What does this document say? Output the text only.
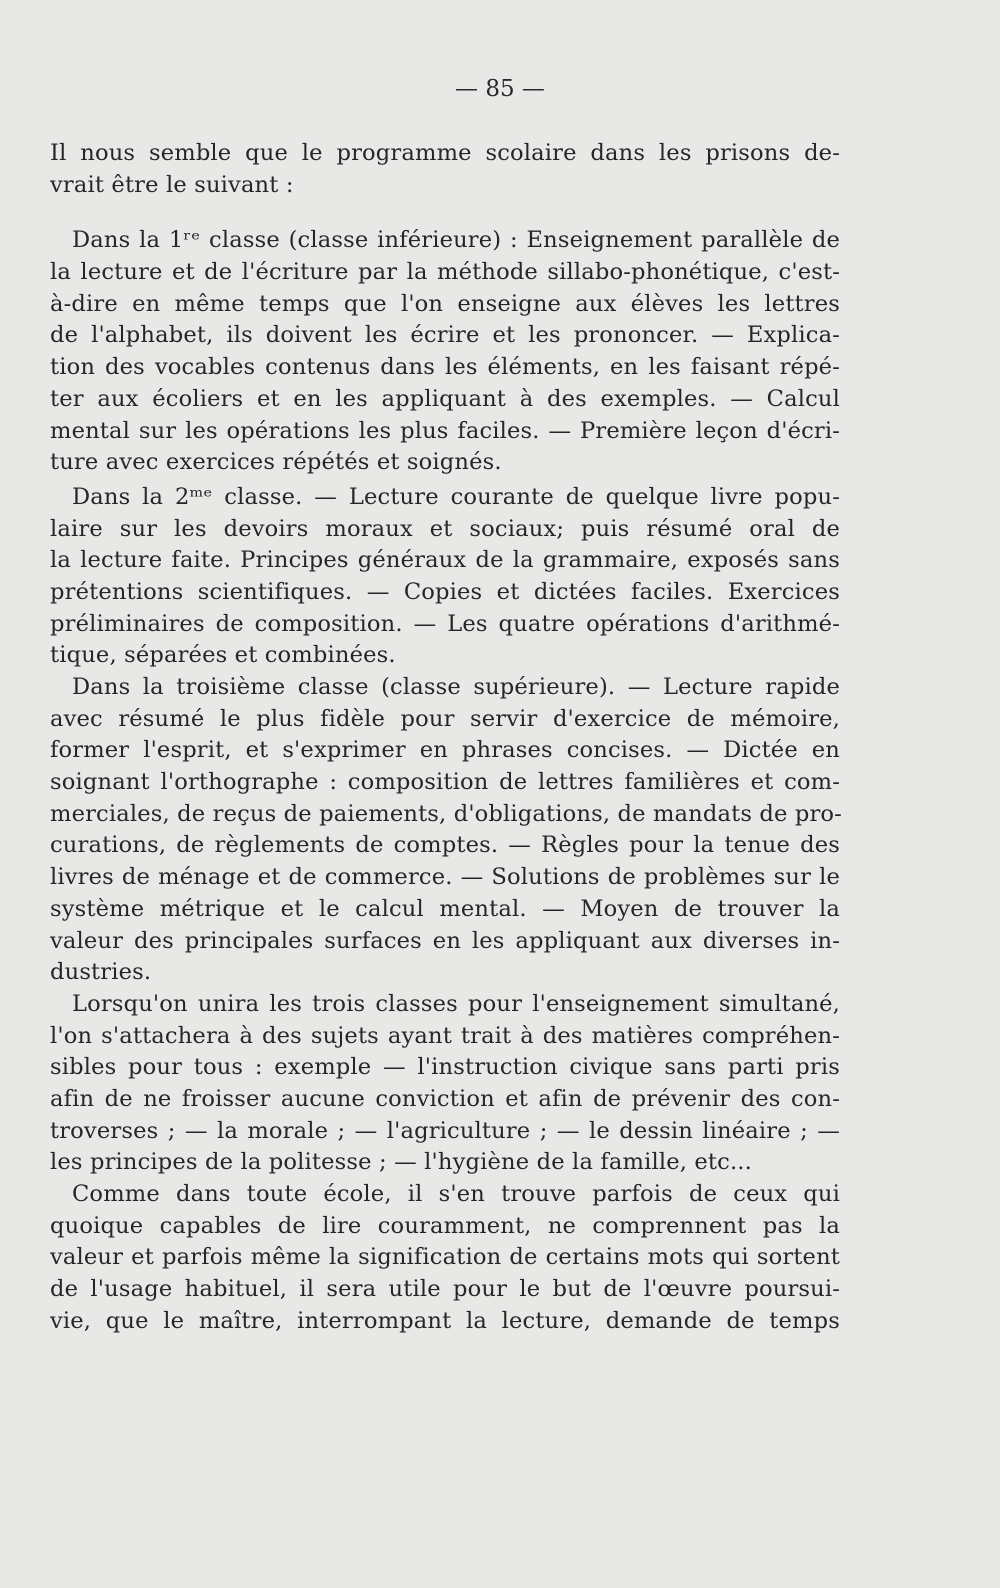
— 85 —
Il nous semble que le programme scolaire dans les prisons de-
vrait être le suivant :
Dans la 1ʳᵉ classe (classe inférieure) : Enseignement parallèle de
la lecture et de l'écriture par la méthode sillabo-phonétique, c'est-
à-dire en même temps que l'on enseigne aux élèves les lettres
de l'alphabet, ils doivent les écrire et les prononcer. — Explica-
tion des vocables contenus dans les éléments, en les faisant répé-
ter aux écoliers et en les appliquant à des exemples. — Calcul
mental sur les opérations les plus faciles. — Première leçon d'écri-
ture avec exercices répétés et soignés.
Dans la 2ᵐᵉ classe. — Lecture courante de quelque livre popu-
laire sur les devoirs moraux et sociaux; puis résumé oral de
la lecture faite. Principes généraux de la grammaire, exposés sans
prétentions scientifiques. — Copies et dictées faciles. Exercices
préliminaires de composition. — Les quatre opérations d'arithmé-
tique, séparées et combinées.
Dans la troisième classe (classe supérieure). — Lecture rapide
avec résumé le plus fidèle pour servir d'exercice de mémoire,
former l'esprit, et s'exprimer en phrases concises. — Dictée en
soignant l'orthographe : composition de lettres familières et com-
merciales, de reçus de paiements, d'obligations, de mandats de pro-
curations, de règlements de comptes. — Règles pour la tenue des
livres de ménage et de commerce. — Solutions de problèmes sur le
système métrique et le calcul mental. — Moyen de trouver la
valeur des principales surfaces en les appliquant aux diverses in-
dustries.
Lorsqu'on unira les trois classes pour l'enseignement simultané,
l'on s'attachera à des sujets ayant trait à des matières compréhen-
sibles pour tous : exemple — l'instruction civique sans parti pris
afin de ne froisser aucune conviction et afin de prévenir des con-
troverses ; — la morale ; — l'agriculture ; — le dessin linéaire ; —
les principes de la politesse ; — l'hygiène de la famille, etc...
Comme dans toute école, il s'en trouve parfois de ceux qui
quoique capables de lire couramment, ne comprennent pas la
valeur et parfois même la signification de certains mots qui sortent
de l'usage habituel, il sera utile pour le but de l'œuvre poursui-
vie, que le maître, interrompant la lecture, demande de temps
